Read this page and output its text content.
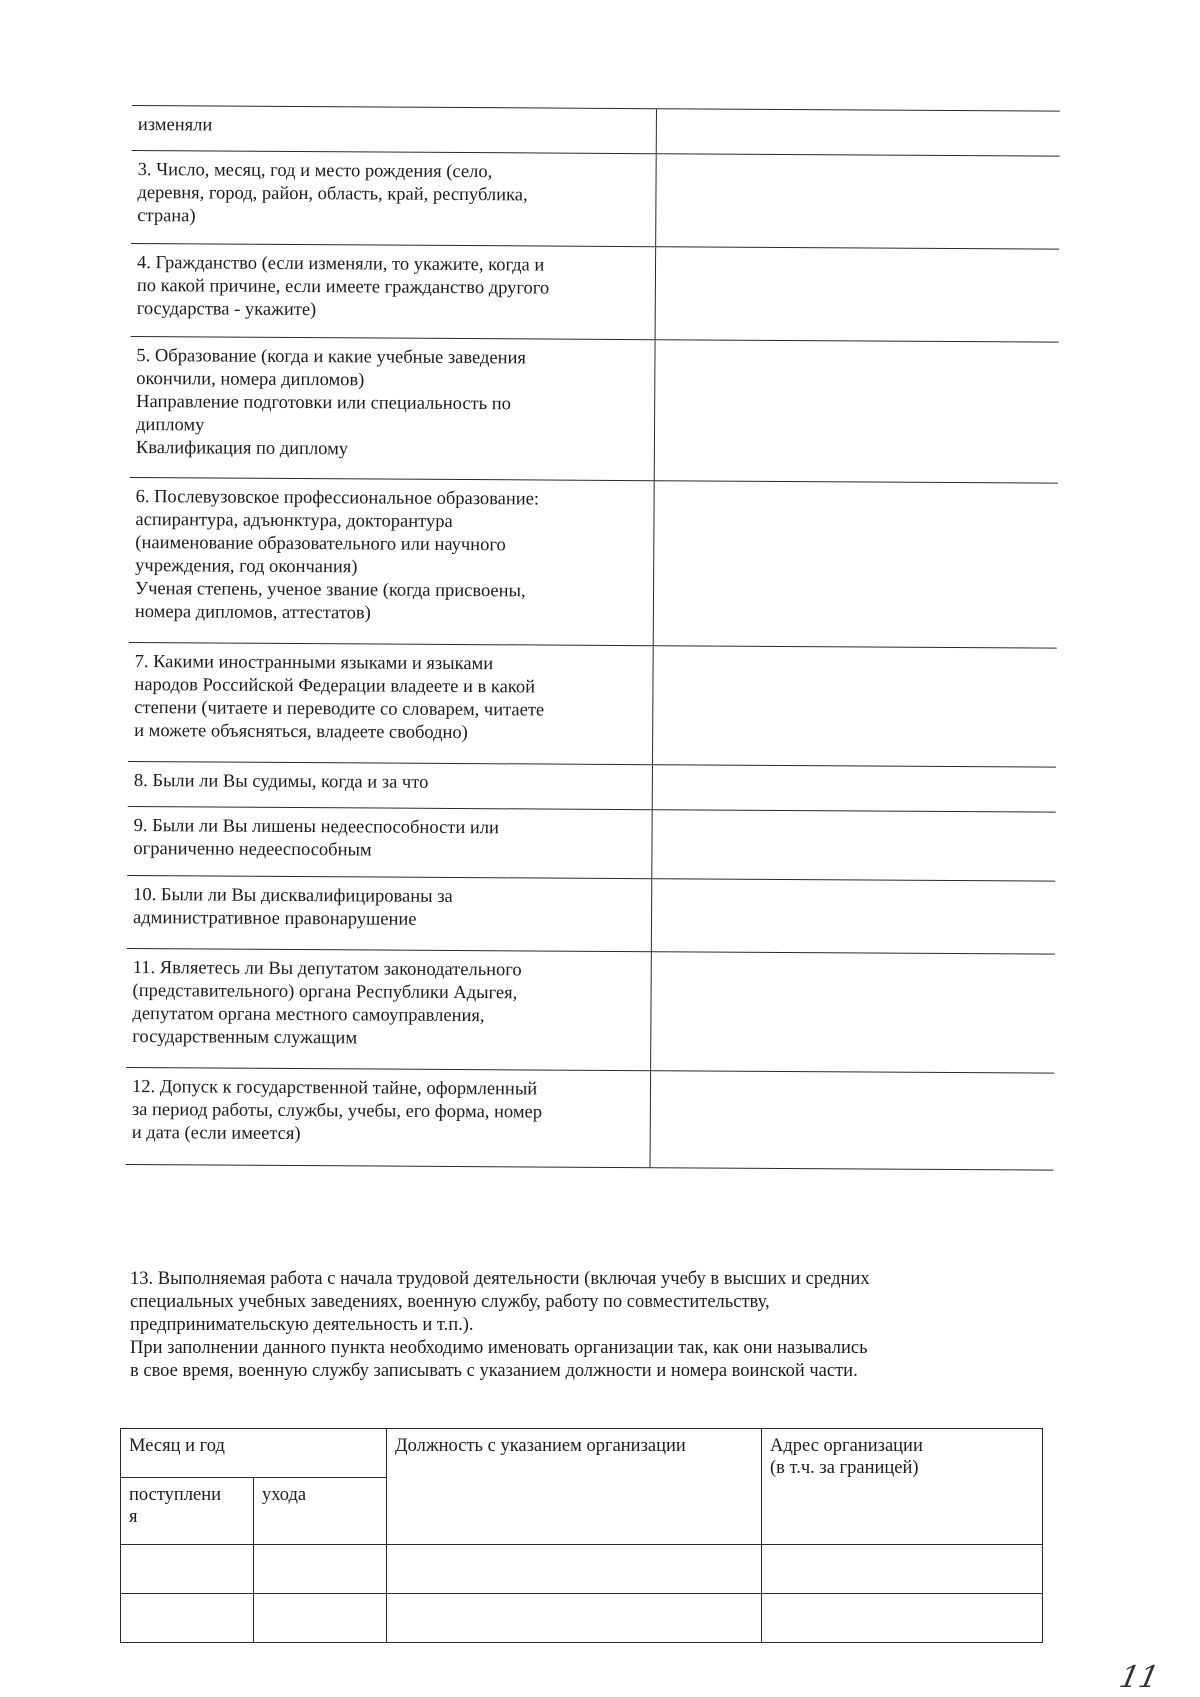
изменяли
3. Число, месяц, год и место рождения (село,
деревня, город, район, область, край, республика,
страна)
4. Гражданство (если изменяли, то укажите, когда и
по какой причине, если имеете гражданство другого
государства - укажите)
5. Образование (когда и какие учебные заведения
окончили, номера дипломов)
Направление подготовки или специальность по
диплому
Квалификация по диплому
6. Послевузовское профессиональное образование:
аспирантура, адъюнктура, докторантура
(наименование образовательного или научного
учреждения, год окончания)
Ученая степень, ученое звание (когда присвоены,
номера дипломов, аттестатов)
7. Какими иностранными языками и языками
народов Российской Федерации владеете и в какой
степени (читаете и переводите со словарем, читаете
и можете объясняться, владеете свободно)
8. Были ли Вы судимы, когда и за что
9. Были ли Вы лишены недееспособности или
ограниченно недееспособным
10. Были ли Вы дисквалифицированы за
административное правонарушение
11. Являетесь ли Вы депутатом законодательного
(представительного) органа Республики Адыгея,
депутатом органа местного самоуправления,
государственным служащим
12. Допуск к государственной тайне, оформленный
за период работы, службы, учебы, его форма, номер
и дата (если имеется)
13. Выполняемая работа с начала трудовой деятельности (включая учебу в высших и средних
специальных учебных заведениях, военную службу, работу по совместительству,
предпринимательскую деятельность и т.п.).
При заполнении данного пункта необходимо именовать организации так, как они назывались
в свое время, военную службу записывать с указанием должности и номера воинской части.
Месяц и год		Должность с указанием организации	Адрес организации
(в т.ч. за границей)
поступлени
я	ухода		

11
